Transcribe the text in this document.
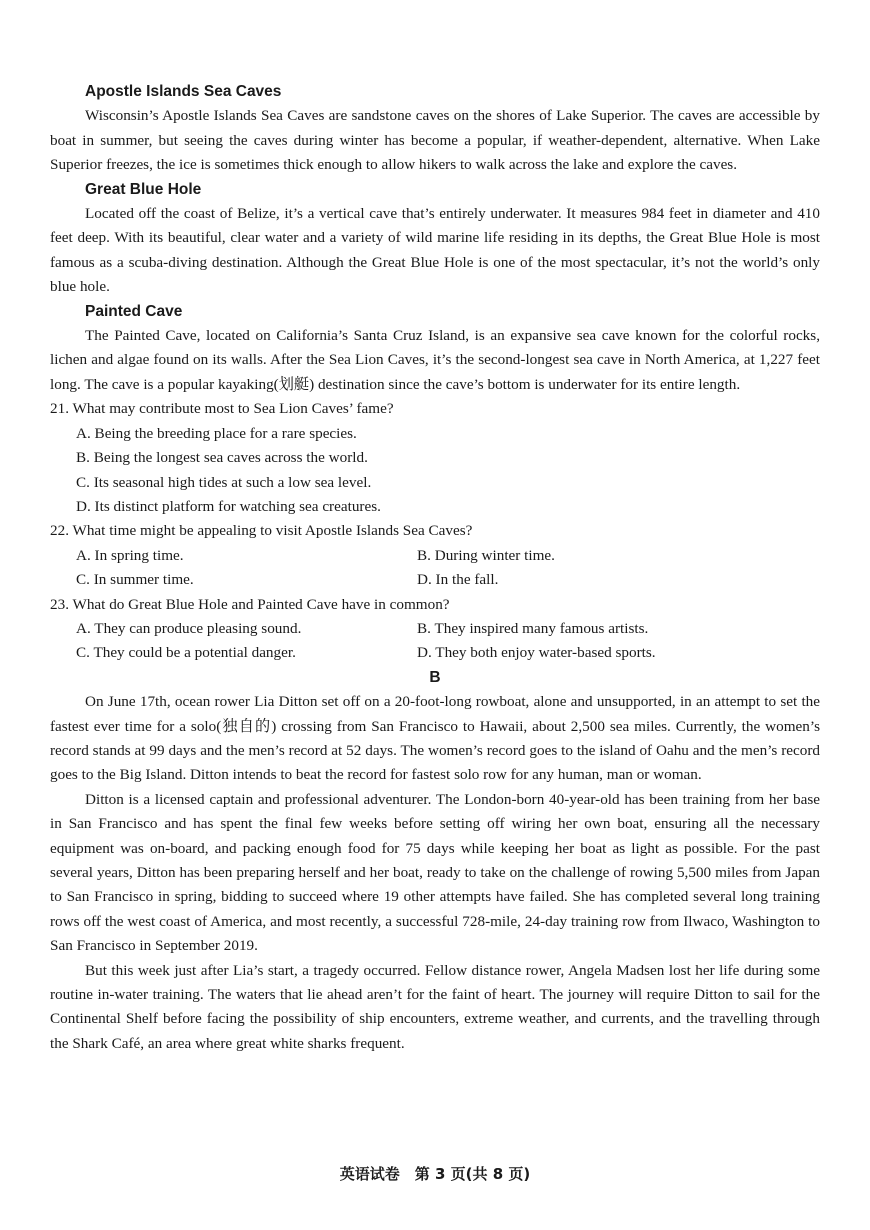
Apostle Islands Sea Caves

Wisconsin’s Apostle Islands Sea Caves are sandstone caves on the shores of Lake Superior. The caves are accessible by boat in summer, but seeing the caves during winter has become a popular, if weather-dependent, alternative. When Lake Superior freezes, the ice is sometimes thick enough to allow hikers to walk across the lake and explore the caves.

Great Blue Hole

Located off the coast of Belize, it’s a vertical cave that’s entirely underwater. It measures 984 feet in diameter and 410 feet deep. With its beautiful, clear water and a variety of wild marine life residing in its depths, the Great Blue Hole is most famous as a scuba-diving destination. Although the Great Blue Hole is one of the most spectacular, it’s not the world’s only blue hole.

Painted Cave

The Painted Cave, located on California’s Santa Cruz Island, is an expansive sea cave known for the colorful rocks, lichen and algae found on its walls. After the Sea Lion Caves, it’s the second-longest sea cave in North America, at 1,227 feet long. The cave is a popular kayaking(划艇) destination since the cave’s bottom is underwater for its entire length.

21. What may contribute most to Sea Lion Caves’ fame?

A. Being the breeding place for a rare species.
B. Being the longest sea caves across the world.
C. Its seasonal high tides at such a low sea level.
D. Its distinct platform for watching sea creatures.

22. What time might be appealing to visit Apostle Islands Sea Caves?

A. In spring time.	B. During winter time.C. In summer time.	D. In the fall.

23. What do Great Blue Hole and Painted Cave have in common?

A. They can produce pleasing sound.	B. They inspired many famous artists.C. They could be a potential danger.	D. They both enjoy water-based sports.

B

On June 17th, ocean rower Lia Ditton set off on a 20-foot-long rowboat, alone and unsupported, in an attempt to set the fastest ever time for a solo(独自的) crossing from San Francisco to Hawaii, about 2,500 sea miles. Currently, the women’s record stands at 99 days and the men’s record at 52 days. The women’s record goes to the island of Oahu and the men’s record goes to the Big Island. Ditton intends to beat the record for fastest solo row for any human, man or woman.

Ditton is a licensed captain and professional adventurer. The London-born 40-year-old has been training from her base in San Francisco and has spent the final few weeks before setting off wiring her own boat, ensuring all the necessary equipment was on-board, and packing enough food for 75 days while keeping her boat as light as possible. For the past several years, Ditton has been preparing herself and her boat, ready to take on the challenge of rowing 5,500 miles from Japan to San Francisco in spring, bidding to succeed where 19 other attempts have failed. She has completed several long training rows off the west coast of America, and most recently, a successful 728-mile, 24-day training row from Ilwaco, Washington to San Francisco in September 2019.

But this week just after Lia’s start, a tragedy occurred. Fellow distance rower, Angela Madsen lost her life during some routine in-water training. The waters that lie ahead aren’t for the faint of heart. The journey will require Ditton to sail for the Continental Shelf before facing the possibility of ship encounters, extreme weather, and currents, and the travelling through the Shark Café, an area where great white sharks frequent.

英语试卷　第 3 页(共 8 页)
